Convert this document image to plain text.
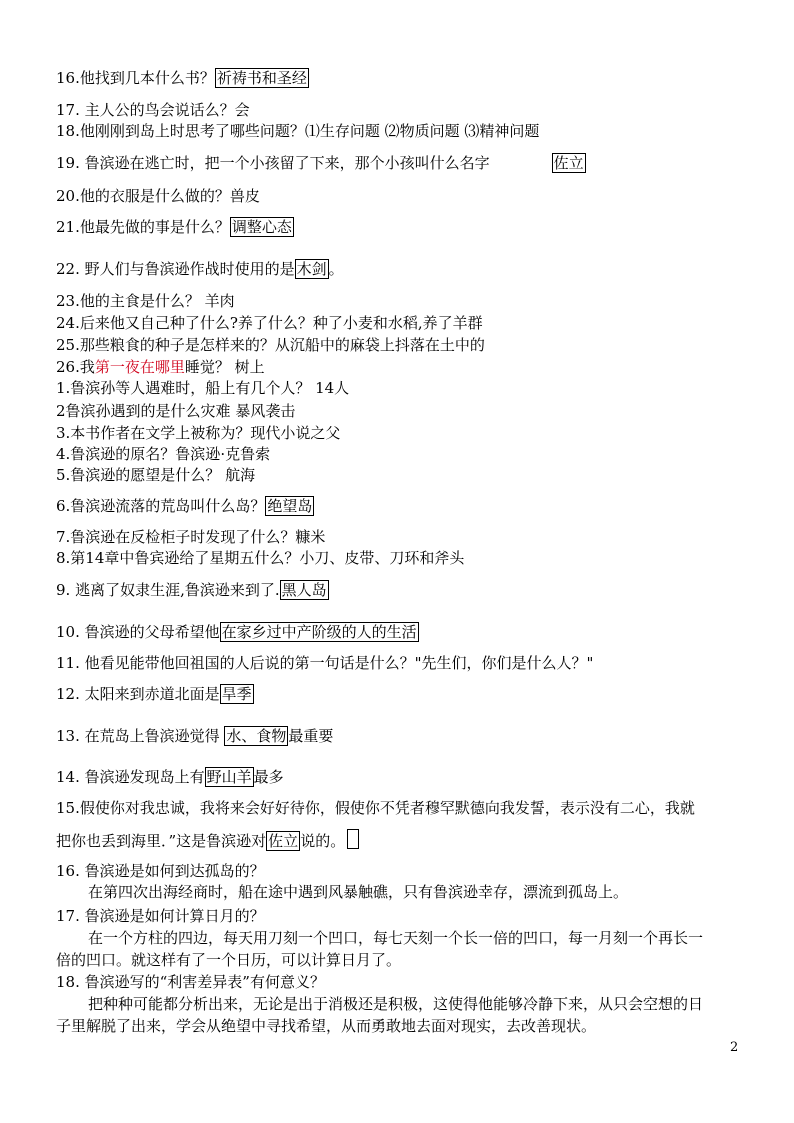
16.他找到几本什么书？ 祈祷书和圣经
17. 主人公的鸟会说话么？会
18.他刚刚到岛上时思考了哪些问题？⑴生存问题 ⑵物质问题 ⑶精神问题
19. 鲁滨逊在逃亡时，把一个小孩留了下来，那个小孩叫什么名字	佐立
20.他的衣服是什么做的？兽皮
21.他最先做的事是什么？ 调整心态
22. 野人们与鲁滨逊作战时使用的是 木剑 。
23.他的主食是什么？ 羊肉
24.后来他又自己种了什么?养了什么？种了小麦和水稻,养了羊群
25.那些粮食的种子是怎样来的？从沉船中的麻袋上抖落在土中的
26.我第一夜在哪里睡觉？ 树上
1.鲁滨孙等人遇难时，船上有几个人？ 14人
2鲁滨孙遇到的是什么灾难 暴风袭击
3.本书作者在文学上被称为？现代小说之父
4.鲁滨逊的原名？鲁滨逊·克鲁索
5.鲁滨逊的愿望是什么？ 航海
6.鲁滨逊流落的荒岛叫什么岛？ 绝望岛
7.鲁滨逊在反检柜子时发现了什么？糠米
8.第14章中鲁宾逊给了星期五什么？小刀、皮带、刀环和斧头
9. 逃离了奴隶生涯,鲁滨逊来到了. 黑人岛
10. 鲁滨逊的父母希望他 在家乡过中产阶级的人的生活
11. 他看见能带他回祖国的人后说的第一句话是什么？"先生们，你们是什么人？"
12. 太阳来到赤道北面是 旱季
13. 在荒岛上鲁滨逊觉得 水、食物 最重要
14. 鲁滨逊发现岛上有 野山羊 最多
15.假使你对我忠诚，我将来会好好待你，假使你不凭者穆罕默德向我发誓，表示没有二心，我就
把你也丢到海里．”这是鲁滨逊对 佐立 说的。
16. 鲁滨逊是如何到达孤岛的？
在第四次出海经商时，船在途中遇到风暴触礁，只有鲁滨逊幸存，漂流到孤岛上。
17. 鲁滨逊是如何计算日月的？
在一个方柱的四边，每天用刀刻一个凹口，每七天刻一个长一倍的凹口，每一月刻一个再长一
倍的凹口。就这样有了一个日历，可以计算日月了。
18. 鲁滨逊写的“利害差异表”有何意义？
把种种可能都分析出来，无论是出于消极还是积极，这使得他能够冷静下来，从只会空想的日
子里解脱了出来，学会从绝望中寻找希望，从而勇敢地去面对现实，去改善现状。
2
